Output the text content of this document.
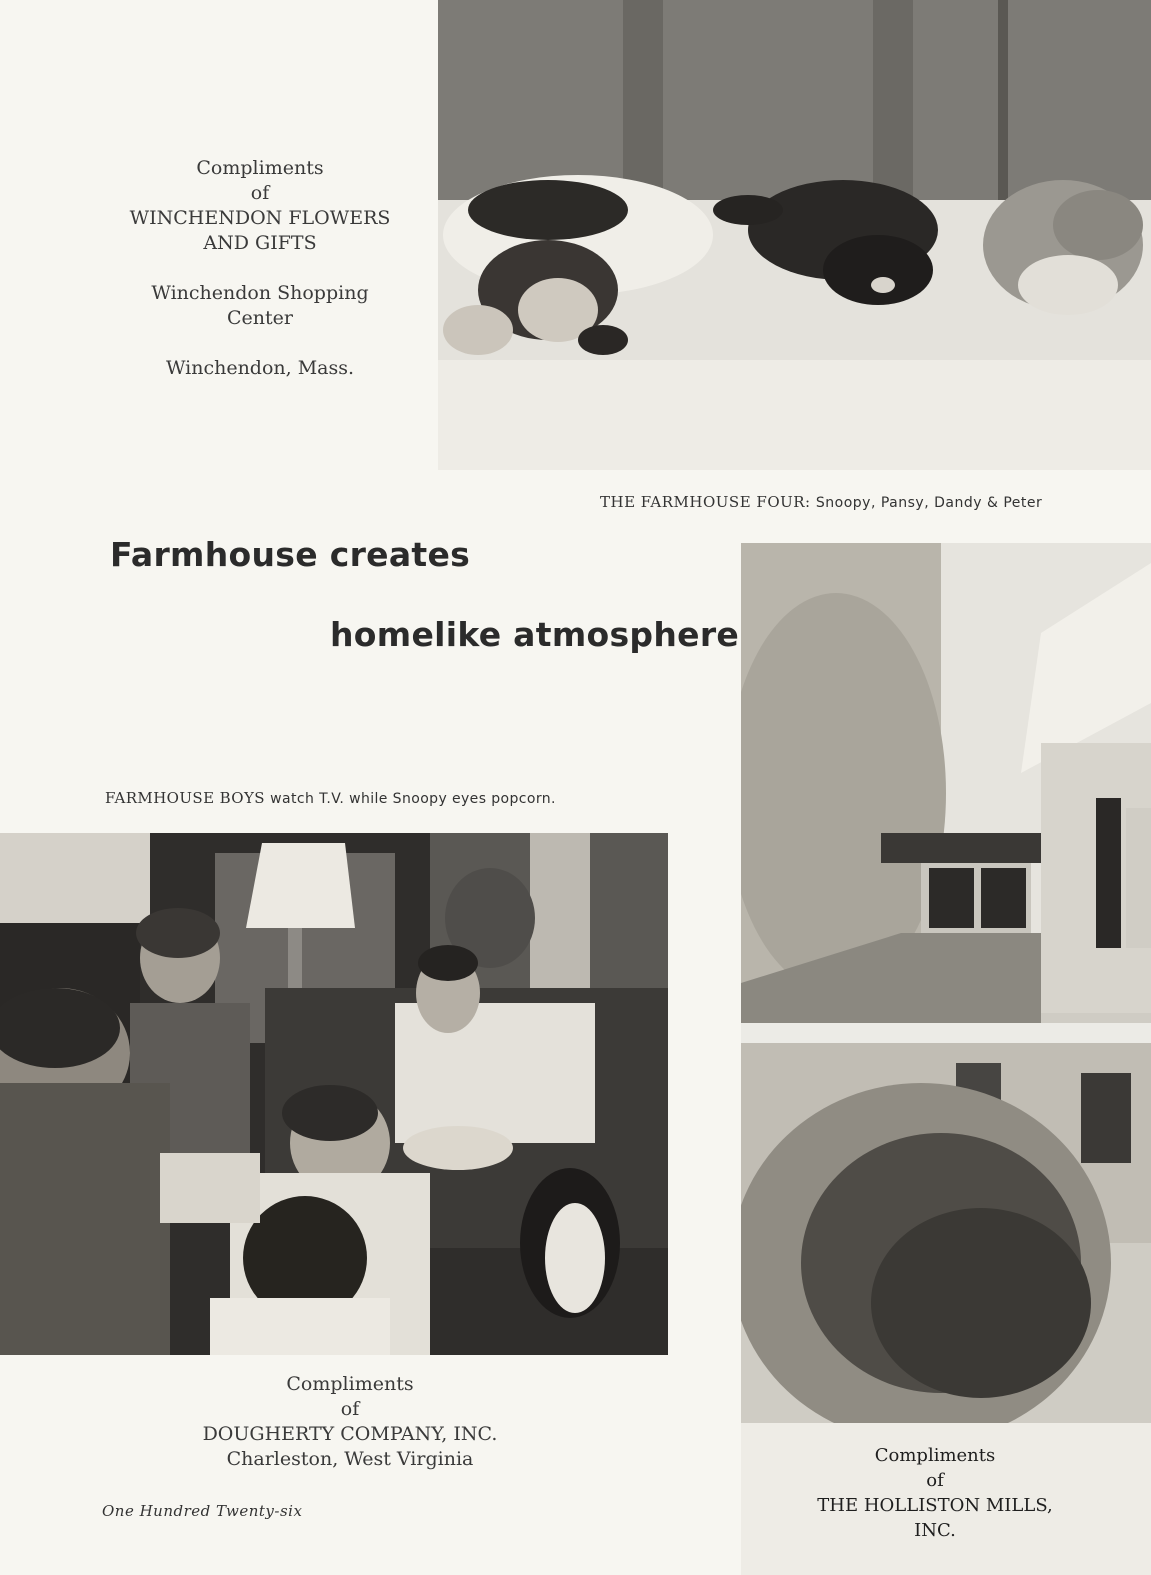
Compliments
of
WINCHENDON FLOWERS
AND GIFTS
Winchendon Shopping
Center
Winchendon, Mass.
THE FARMHOUSE FOUR: Snoopy, Pansy, Dandy & Peter
Farmhouse creates
homelike atmosphere
FARMHOUSE BOYS watch T.V. while Snoopy eyes popcorn.
Compliments
of
DOUGHERTY COMPANY, INC.
Charleston, West Virginia
One Hundred Twenty-six
Compliments
of
THE HOLLISTON MILLS,
INC.
